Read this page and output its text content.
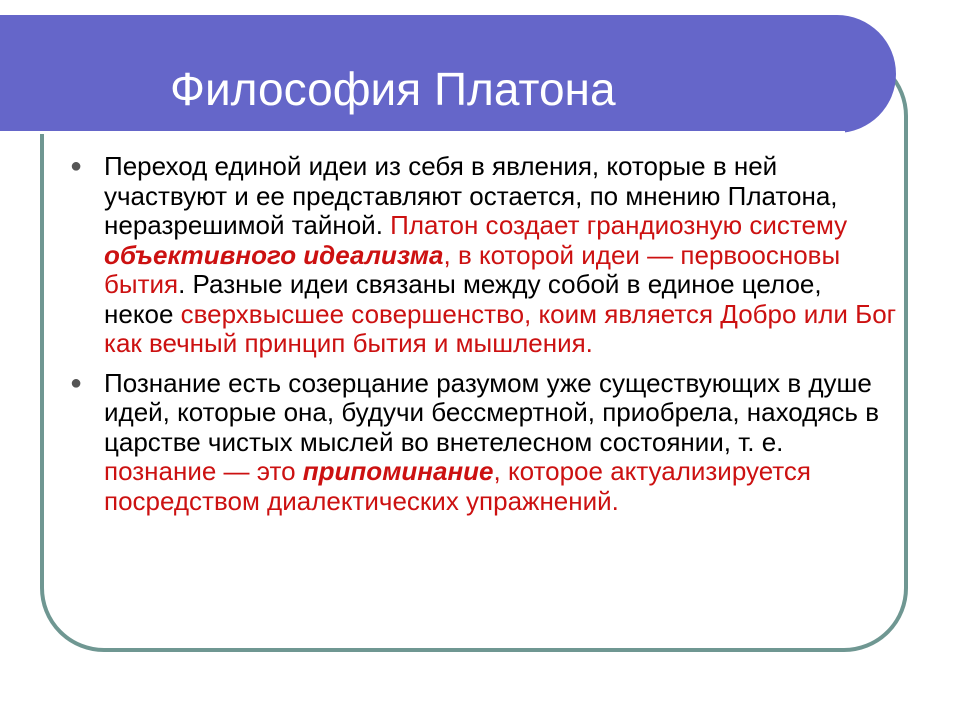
Философия Платона
● Переход единой идеи из себя в явления, которые в ней участвуют и ее представляют остается, по мнению Платона, неразрешимой тайной. Платон создает грандиозную систему объективного идеализма, в которой идеи — первоосновы бытия. Разные идеи связаны между собой в единое целое, некое сверхвысшее совершенство, коим является Добро или Бог как вечный принцип бытия и мышления.
● Познание есть созерцание разумом уже существующих в душе идей, которые она, будучи бессмертной, приобрела, находясь в царстве чистых мыслей во внетелесном состоянии, т. е. познание — это припоминание, которое актуализируется посредством диалектических упражнений.
